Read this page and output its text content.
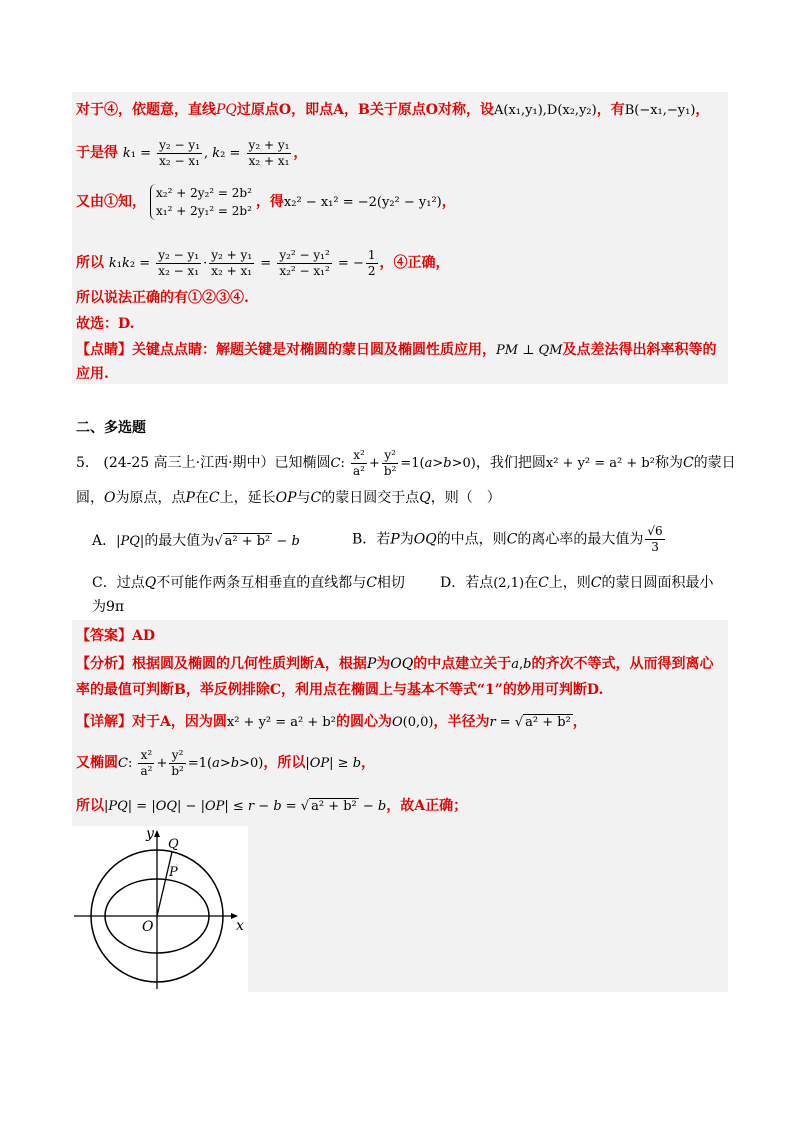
对于④，依题意，直线PQ过原点O，即点A，B关于原点O对称，设A(x₁,y₁),D(x₂,y₂)，有B(−x₁,−y₁)，
于是得 $k_1 = \frac{\text{y₂ − y₁}}{\text{x₂ − x₁}}$ , $k_2 = \frac{\text{y₂ + y₁}}{\text{x₂ + x₁}}$ ，
又由①知，
x₂² + 2y₂² = 2b²
x₁² + 2y₁² = 2b²
，得x₂² − x₁² = −2(y₂² − y₁²)，
所以 $k_1k_2 = \frac{\text{y₂ − y₁}}{\text{x₂ − x₁}} \cdot \frac{\text{y₂ + y₁}}{\text{x₂ + x₁}} = \frac{\text{y₂² − y₁²}}{\text{x₂² − x₁²}}$ = − $\frac{1}{2}$ ，④正确，
所以说法正确的有①②③④.
故选：D.
【点睛】关键点点睛：解题关键是对椭圆的蒙日圆及椭圆性质应用，PM ⊥ QM及点差法得出斜率积等的
应用.
二、多选题
5.　(24-25 高三上·江西·期中）已知椭圆C: $\frac{\text{x²}}{\text{a²}} + \frac{\text{y²}}{\text{b²}} =1(a>b>0)$，我们把圆x² + y² = a² + b²称为C的蒙日
圆，O为原点，点P在C上，延长OP与C的蒙日圆交于点Q，则（　）
A．|PQ|的最大值为√ a² + b² − b	B．若P为OQ的中点，则C的离心率的最大值为 $\frac{√6}{3}$
C．过点Q不可能作两条互相垂直的直线都与C相切	D．若点(2,1)在C上，则C的蒙日圆面积最小
为9π
【答案】AD
【分析】根据圆及椭圆的几何性质判断A，根据P为OQ的中点建立关于a,b的齐次不等式，从而得到离心
率的最值可判断B，举反例排除C，利用点在椭圆上与基本不等式“1”的妙用可判断D.
【详解】对于A，因为圆x² + y² = a² + b²的圆心为O(0,0)，半径为r = √ a² + b² ，
又椭圆C: $\frac{\text{x²}}{\text{a²}} + \frac{\text{y²}}{\text{b²}} =1(a>b>0)$，所以|OP| ≥ b，
所以|PQ| = |OQ| − |OP| ≤ r − b = √ a² + b² − b，故A正确；
y
x
O
P
Q
